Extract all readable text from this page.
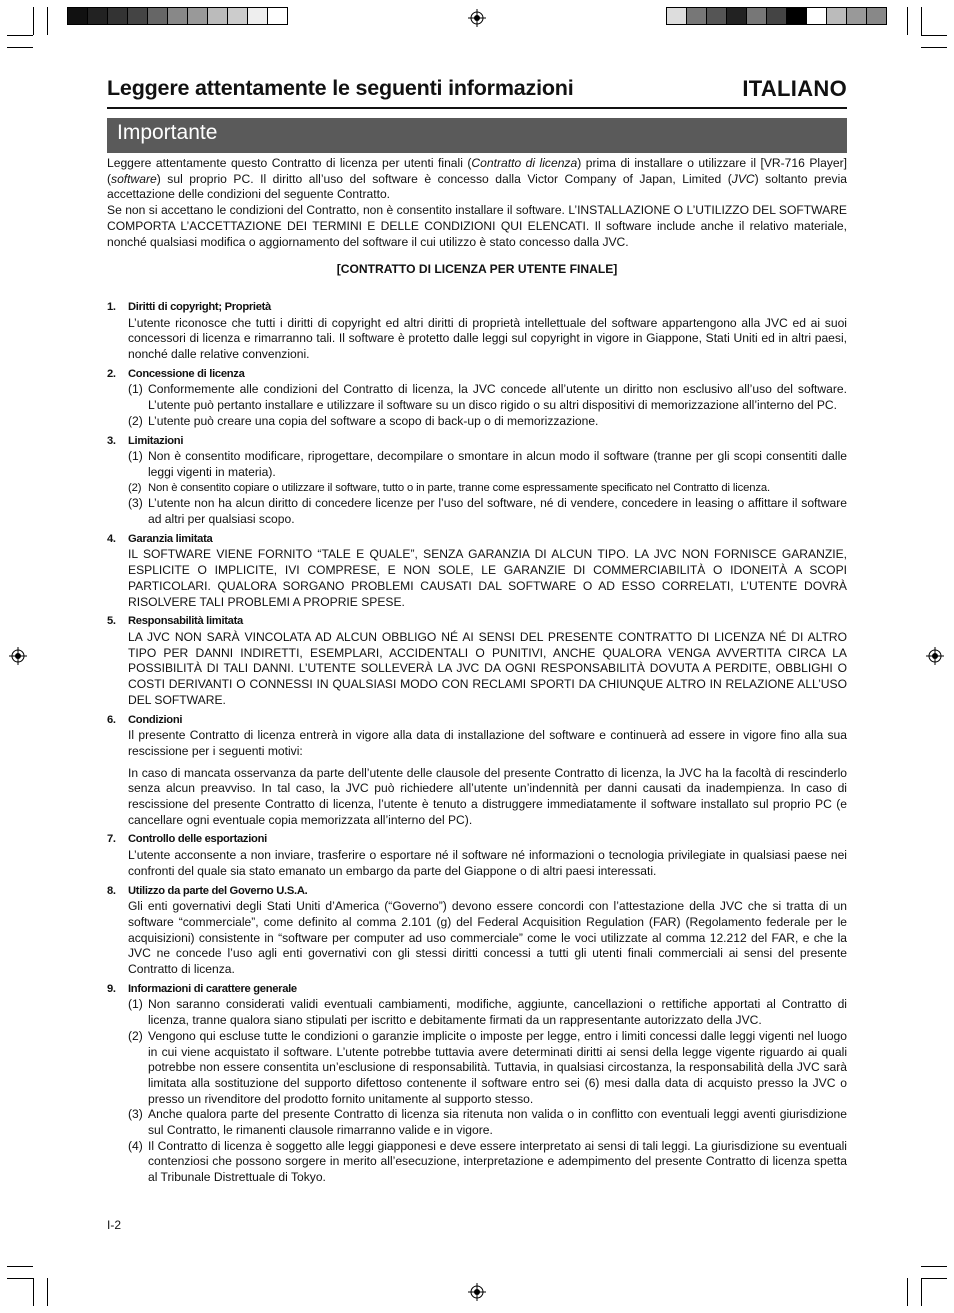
Leggere attentamente le seguenti informazioni	ITALIANO
Importante

Leggere attentamente questo Contratto di licenza per utenti finali (Contratto di licenza) prima di installare o utilizzare il [VR-716 Player] (software) sul proprio PC. Il diritto all’uso del software è concesso dalla Victor Company of Japan, Limited (JVC) soltanto previa accettazione delle condizioni del seguente Contratto.

Se non si accettano le condizioni del Contratto, non è consentito installare il software. L’INSTALLAZIONE O L’UTILIZZO DEL SOFTWARE COMPORTA L’ACCETTAZIONE DEI TERMINI E DELLE CONDIZIONI QUI ELENCATI. Il software include anche il relativo materiale, nonché qualsiasi modifica o aggiornamento del software il cui utilizzo è stato concesso dalla JVC.

[CONTRATTO DI LICENZA PER UTENTE FINALE]
1. Diritti di copyright; Proprietà
L’utente riconosce che tutti i diritti di copyright ed altri diritti di proprietà intellettuale del software appartengono alla JVC ed ai suoi concessori di licenza e rimarranno tali. Il software è protetto dalle leggi sul copyright in vigore in Giappone, Stati Uniti ed in altri paesi, nonché dalle relative convenzioni.
2. Concessione di licenza
(1) Conformemente alle condizioni del Contratto di licenza, la JVC concede all’utente un diritto non esclusivo all’uso del software. L’utente può pertanto installare e utilizzare il software su un disco rigido o su altri dispositivi di memorizzazione all’interno del PC.
(2) L’utente può creare una copia del software a scopo di back-up o di memorizzazione.
3. Limitazioni
(1) Non è consentito modificare, riprogettare, decompilare o smontare in alcun modo il software (tranne per gli scopi consentiti dalle leggi vigenti in materia).
(2) Non è consentito copiare o utilizzare il software, tutto o in parte, tranne come espressamente specificato nel Contratto di licenza.
(3) L’utente non ha alcun diritto di concedere licenze per l’uso del software, né di vendere, concedere in leasing o affittare il software ad altri per qualsiasi scopo.
4. Garanzia limitata
IL SOFTWARE VIENE FORNITO “TALE E QUALE”, SENZA GARANZIA DI ALCUN TIPO. LA JVC NON FORNISCE GARANZIE, ESPLICITE O IMPLICITE, IVI COMPRESE, E NON SOLE, LE GARANZIE DI COMMERCIABILITÀ O IDONEITÀ A SCOPI PARTICOLARI. QUALORA SORGANO PROBLEMI CAUSATI DAL SOFTWARE O AD ESSO CORRELATI, L’UTENTE DOVRÀ RISOLVERE TALI PROBLEMI A PROPRIE SPESE.
5. Responsabilità limitata
LA JVC NON SARÀ VINCOLATA AD ALCUN OBBLIGO NÉ AI SENSI DEL PRESENTE CONTRATTO DI LICENZA NÉ DI ALTRO TIPO PER DANNI INDIRETTI, ESEMPLARI, ACCIDENTALI O PUNITIVI, ANCHE QUALORA VENGA AVVERTITA CIRCA LA POSSIBILITÀ DI TALI DANNI. L’UTENTE SOLLEVERÀ LA JVC DA OGNI RESPONSABILITÀ DOVUTA A PERDITE, OBBLIGHI O COSTI DERIVANTI O CONNESSI IN QUALSIASI MODO CON RECLAMI SPORTI DA CHIUNQUE ALTRO IN RELAZIONE ALL’USO DEL SOFTWARE.
6. Condizioni
Il presente Contratto di licenza entrerà in vigore alla data di installazione del software e continuerà ad essere in vigore fino alla sua rescissione per i seguenti motivi:
In caso di mancata osservanza da parte dell’utente delle clausole del presente Contratto di licenza, la JVC ha la facoltà di rescinderlo senza alcun preavviso. In tal caso, la JVC può richiedere all’utente un’indennità per danni causati da inadempienza. In caso di rescissione del presente Contratto di licenza, l’utente è tenuto a distruggere immediatamente il software installato sul proprio PC (e cancellare ogni eventuale copia memorizzata all’interno del PC).
7. Controllo delle esportazioni
L’utente acconsente a non inviare, trasferire o esportare né il software né informazioni o tecnologia privilegiate in qualsiasi paese nei confronti del quale sia stato emanato un embargo da parte del Giappone o di altri paesi interessati.
8. Utilizzo da parte del Governo U.S.A.
Gli enti governativi degli Stati Uniti d’America (“Governo”) devono essere concordi con l’attestazione della JVC che si tratta di un software “commerciale”, come definito al comma 2.101 (g) del Federal Acquisition Regulation (FAR) (Regolamento federale per le acquisizioni) consistente in “software per computer ad uso commerciale” come le voci utilizzate al comma 12.212 del FAR, e che la JVC ne concede l’uso agli enti governativi con gli stessi diritti concessi a tutti gli utenti finali commerciali ai sensi del presente Contratto di licenza.
9. Informazioni di carattere generale
(1) Non saranno considerati validi eventuali cambiamenti, modifiche, aggiunte, cancellazioni o rettifiche apportati al Contratto di licenza, tranne qualora siano stipulati per iscritto e debitamente firmati da un rappresentante autorizzato della JVC.
(2) Vengono qui escluse tutte le condizioni o garanzie implicite o imposte per legge, entro i limiti concessi dalle leggi vigenti nel luogo in cui viene acquistato il software. L’utente potrebbe tuttavia avere determinati diritti ai sensi della legge vigente riguardo ai quali potrebbe non essere consentita un’esclusione di responsabilità. Tuttavia, in qualsiasi circostanza, la responsabilità della JVC sarà limitata alla sostituzione del supporto difettoso contenente il software entro sei (6) mesi dalla data di acquisto presso la JVC o presso un rivenditore del prodotto fornito unitamente al supporto stesso.
(3) Anche qualora parte del presente Contratto di licenza sia ritenuta non valida o in conflitto con eventuali leggi aventi giurisdizione sul Contratto, le rimanenti clausole rimarranno valide e in vigore.
(4) Il Contratto di licenza è soggetto alle leggi giapponesi e deve essere interpretato ai sensi di tali leggi. La giurisdizione su eventuali contenziosi che possono sorgere in merito all’esecuzione, interpretazione e adempimento del presente Contratto di licenza spetta al Tribunale Distrettuale di Tokyo.
I-2
